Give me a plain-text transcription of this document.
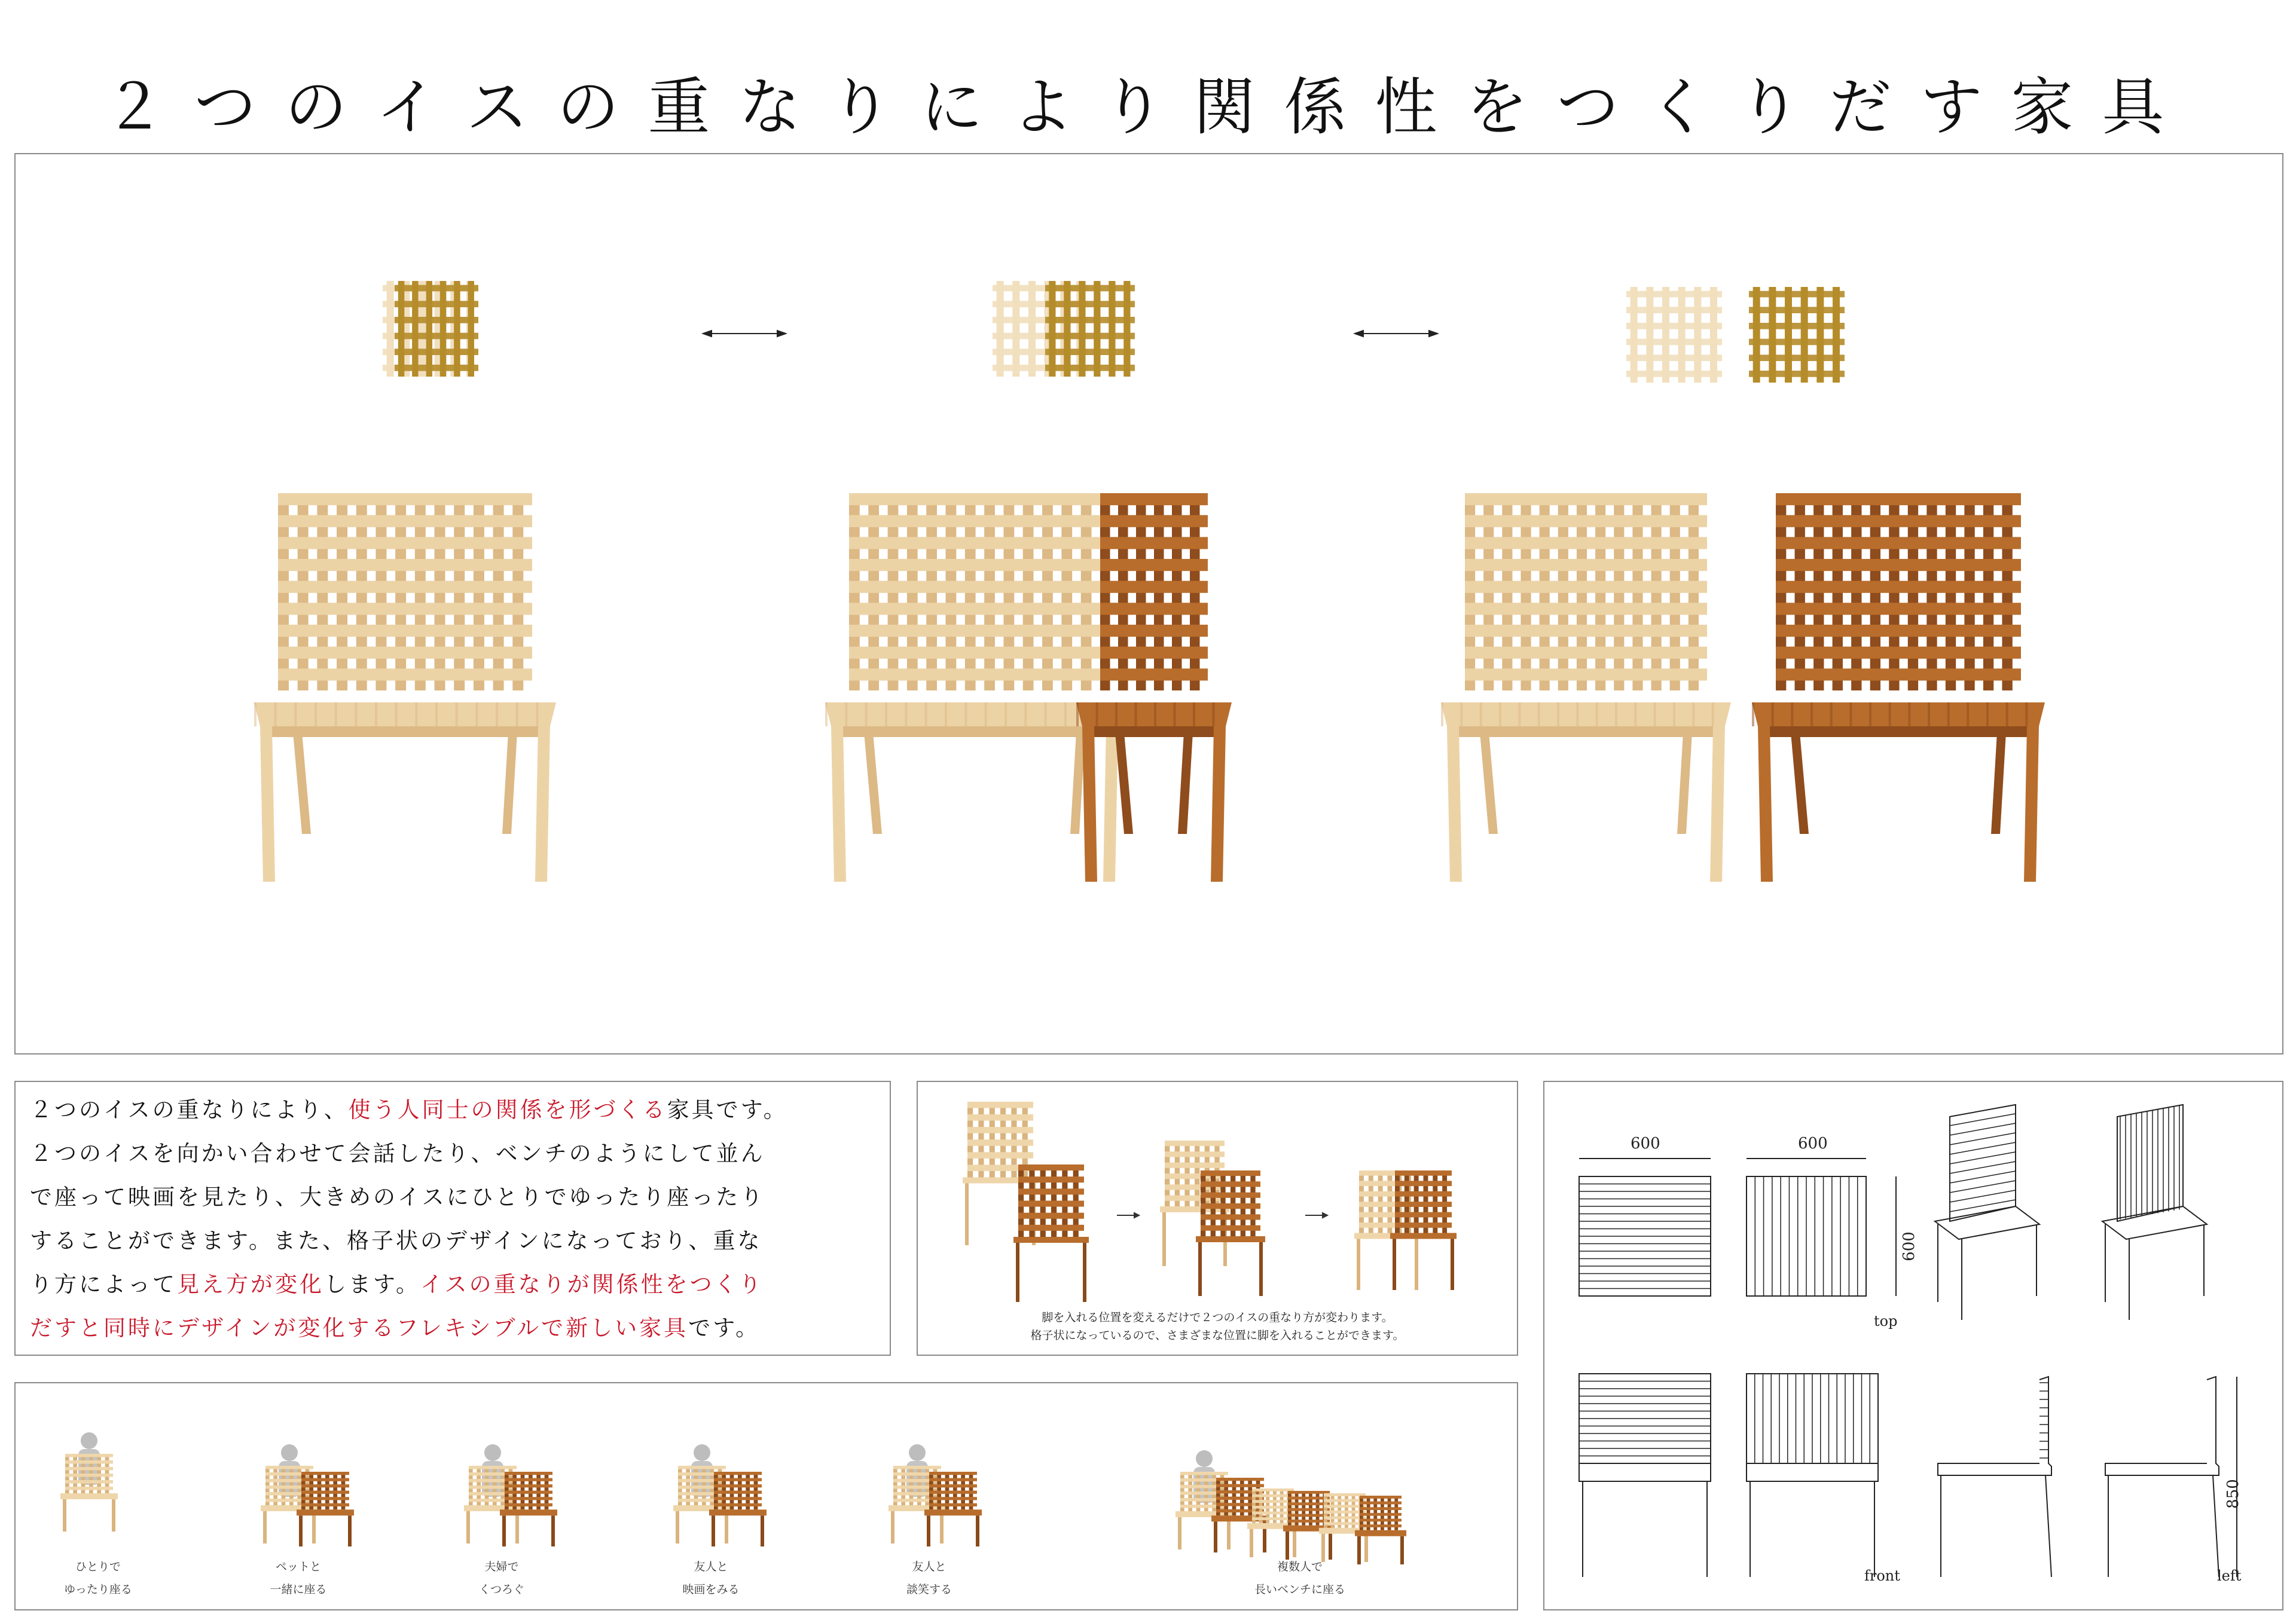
２つのイスの重なりにより関係性をつくりだす家具
２つのイスの重なりにより、使う人同士の関係を形づくる家具です。
２つのイスを向かい合わせて会話したり、ベンチのようにして並ん
で座って映画を見たり、大きめのイスにひとりでゆったり座ったり
することができます。また、格子状のデザインになっており、重な
り方によって見え方が変化します。イスの重なりが関係性をつくり
だすと同時にデザインが変化するフレキシブルで新しい家具です。	脚を入れる位置を変えるだけで２つのイスの重なり方が変わります。
格子状になっているので、さまざまな位置に脚を入れることができます。
ひとりで
ゆったり座る
ペットと
一緒に座る
夫婦で
くつろぐ
友人と
映画をみる
友人と
談笑する
複数人で
長いベンチに座る
600	600
600
top
front	left
850
